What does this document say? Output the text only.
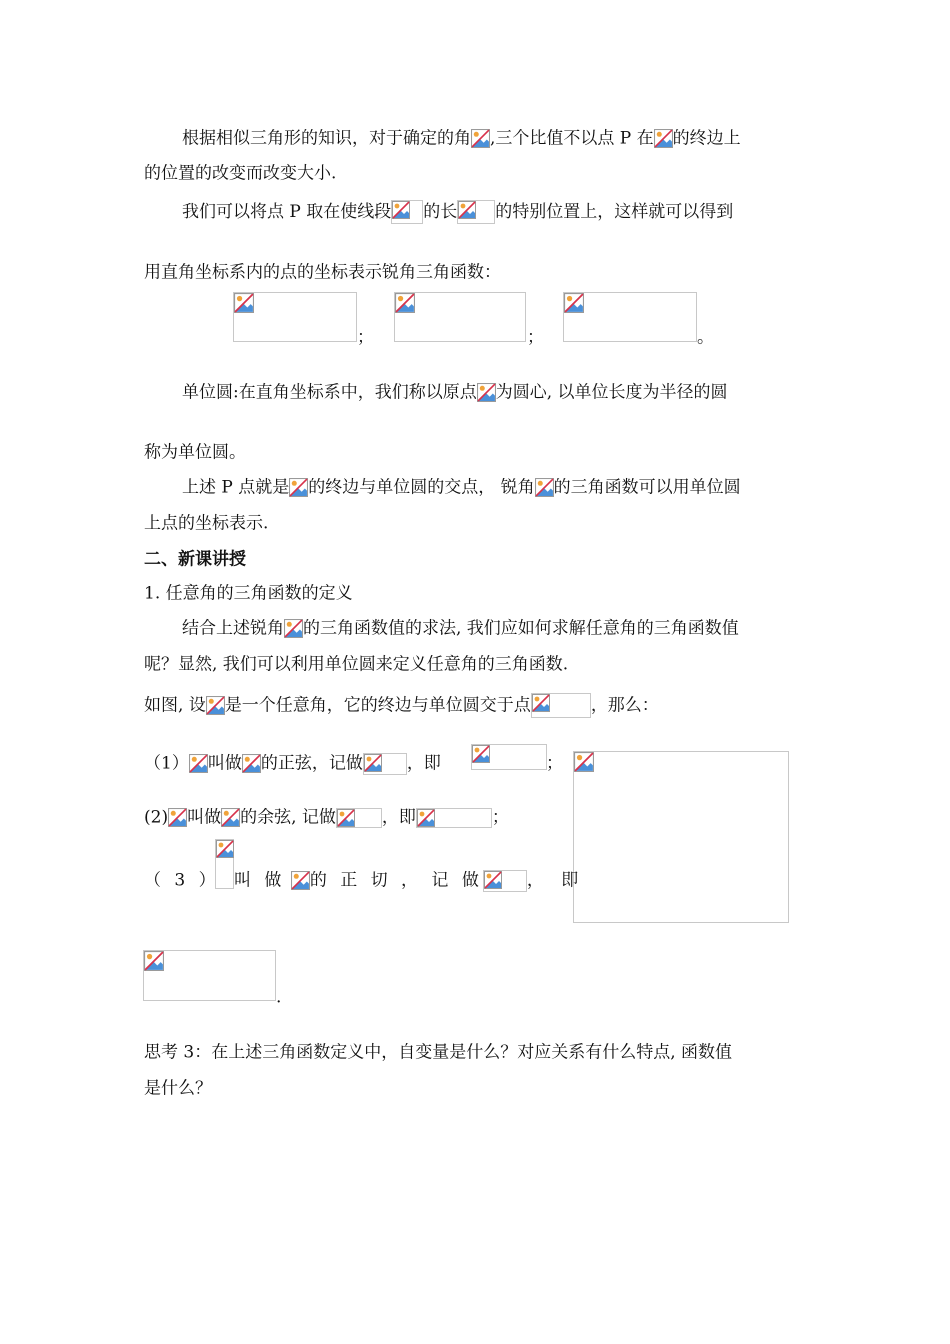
根据相似三角形的知识，对于确定的角 ,三个比值不以点 P 在 的终边上
的位置的改变而改变大小.
我们可以将点 P 取在使线段 的长 的特别位置上，这样就可以得到
用直角坐标系内的点的坐标表示锐角三角函数：
；	；	。
单位圆:在直角坐标系中，我们称以原点 为圆心, 以单位长度为半径的圆
称为单位圆。
上述 P 点就是 的终边与单位圆的交点， 锐角 的三角函数可以用单位圆
上点的坐标表示.
二、新课讲授
1. 任意角的三角函数的定义
结合上述锐角 的三角函数值的求法, 我们应如何求解任意角的三角函数值
呢？显然, 我们可以利用单位圆来定义任意角的三角函数.
如图, 设 是一个任意角，它的终边与单位圆交于点	，那么：
（1） 叫做 的正弦，记做	，即	；
(2) 叫做 的余弦, 记做	，即	；
（ 3 ） 叫 做 的 正 切 ， 记 做	， 即
.
思考 3：在上述三角函数定义中，自变量是什么？对应关系有什么特点, 函数值
是什么？
